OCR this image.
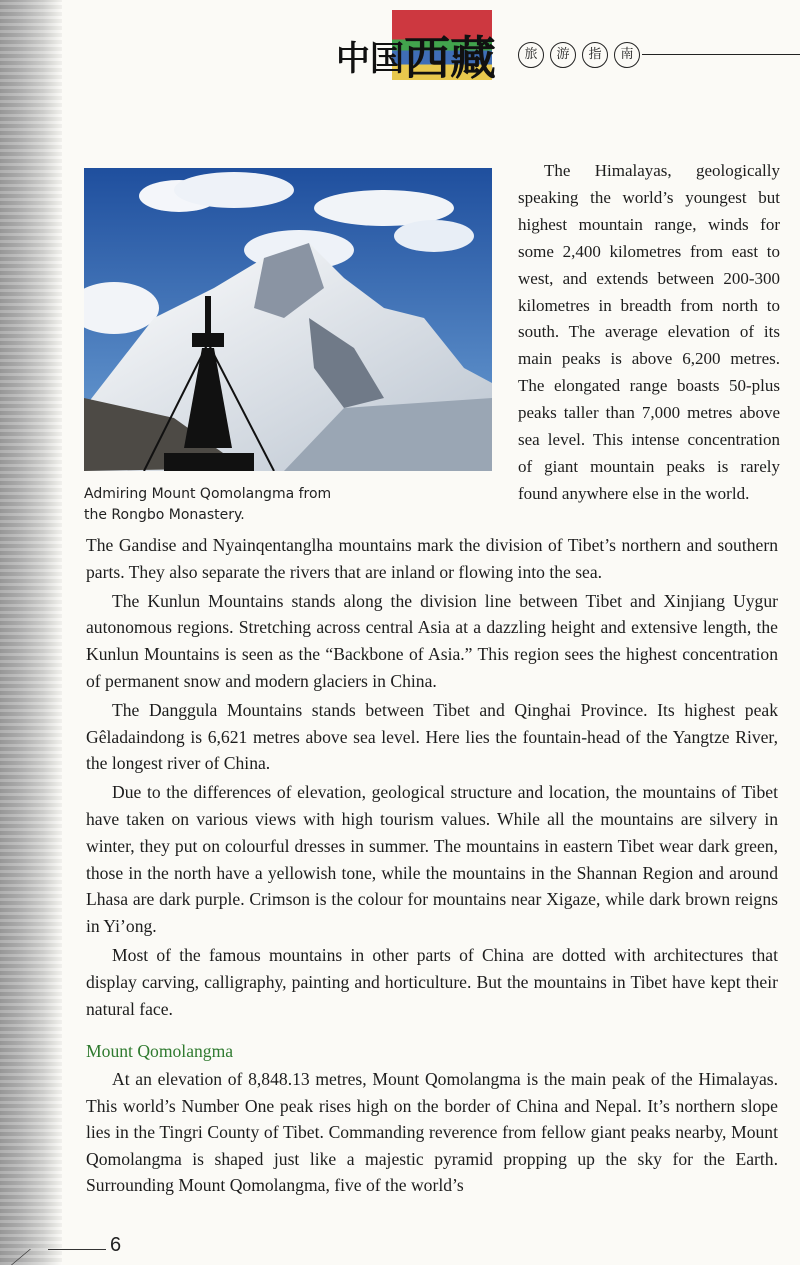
中国西藏	旅	游	指	南
Admiring Mount Qomolangma from
the Rongbo Monastery.
The Himalayas, geologically speaking the world’s youngest but highest mountain range, winds for some 2,400 kilometres from east to west, and extends between 200-300 kilometres in breadth from north to south. The average elevation of its main peaks is above 6,200 metres. The elongated range boasts 50-plus peaks taller than 7,000 metres above sea level. This intense concentration of giant mountain peaks is rarely found anywhere else in the world.

The Gandise and Nyainqentanglha mountains mark the division of Tibet’s northern and southern parts. They also separate the rivers that are inland or flowing into the sea.

The Kunlun Mountains stands along the division line between Tibet and Xinjiang Uygur autonomous regions. Stretching across central Asia at a dazzling height and extensive length, the Kunlun Mountains is seen as the “Backbone of Asia.” This region sees the highest concentration of permanent snow and modern glaciers in China.

The Danggula Mountains stands between Tibet and Qinghai Province. Its highest peak Gêladaindong is 6,621 metres above sea level. Here lies the fountain-head of the Yangtze River, the longest river of China.

Due to the differences of elevation, geological structure and location, the mountains of Tibet have taken on various views with high tourism values. While all the mountains are silvery in winter, they put on colourful dresses in summer. The mountains in eastern Tibet wear dark green, those in the north have a yellowish tone, while the mountains in the Shannan Region and around Lhasa are dark purple. Crimson is the colour for mountains near Xigaze, while dark brown reigns in Yi’ong.

Most of the famous mountains in other parts of China are dotted with architectures that display carving, calligraphy, painting and horticulture. But the mountains in Tibet have kept their natural face.

Mount Qomolangma

At an elevation of 8,848.13 metres, Mount Qomolangma is the main peak of the Himalayas. This world’s Number One peak rises high on the border of China and Nepal. It’s northern slope lies in the Tingri County of Tibet. Commanding reverence from fellow giant peaks nearby, Mount Qomolangma is shaped just like a majestic pyramid propping up the sky for the Earth. Surrounding Mount Qomolangma, five of the world’s

6
